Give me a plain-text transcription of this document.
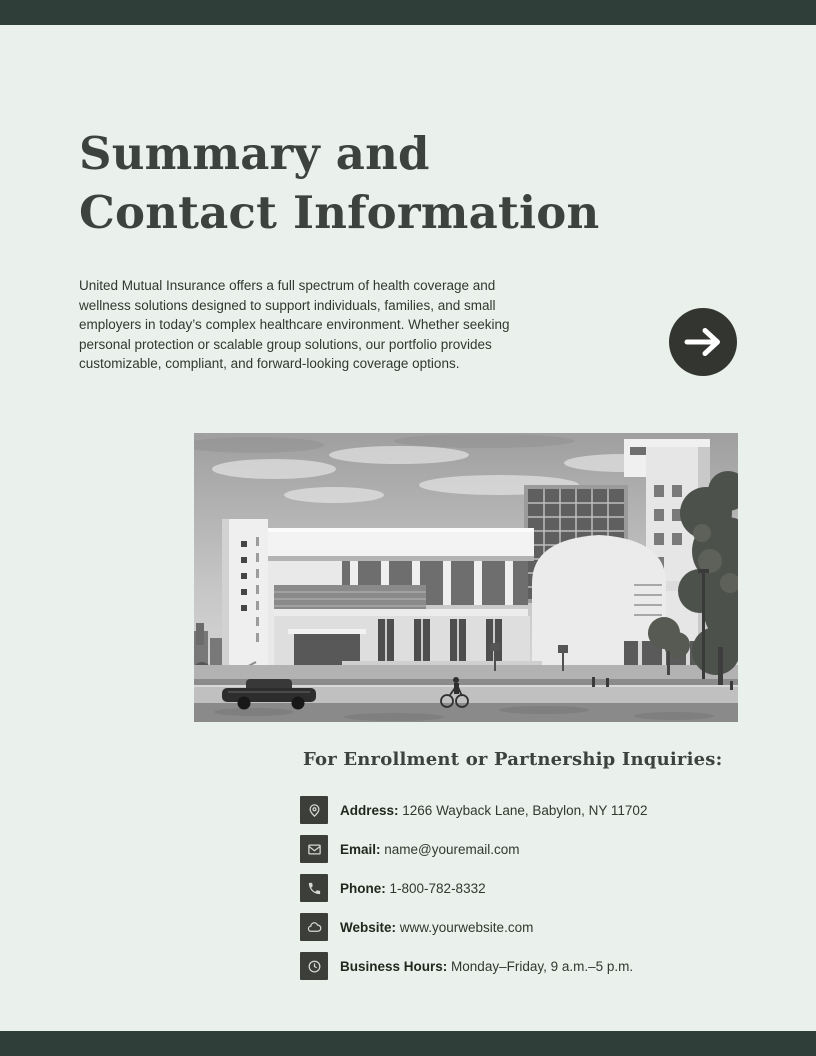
Summary and
Contact Information

United Mutual Insurance offers a full spectrum of health coverage and wellness solutions designed to support individuals, families, and small employers in today’s complex healthcare environment. Whether seeking personal protection or scalable group solutions, our portfolio provides customizable, compliant, and forward-looking coverage options.

For Enrollment or Partnership Inquiries:
Address: 1266 Wayback Lane, Babylon, NY 11702
Email: name@youremail.com
Phone: 1-800-782-8332
Website: www.yourwebsite.com
Business Hours: Monday–Friday, 9 a.m.–5 p.m.
